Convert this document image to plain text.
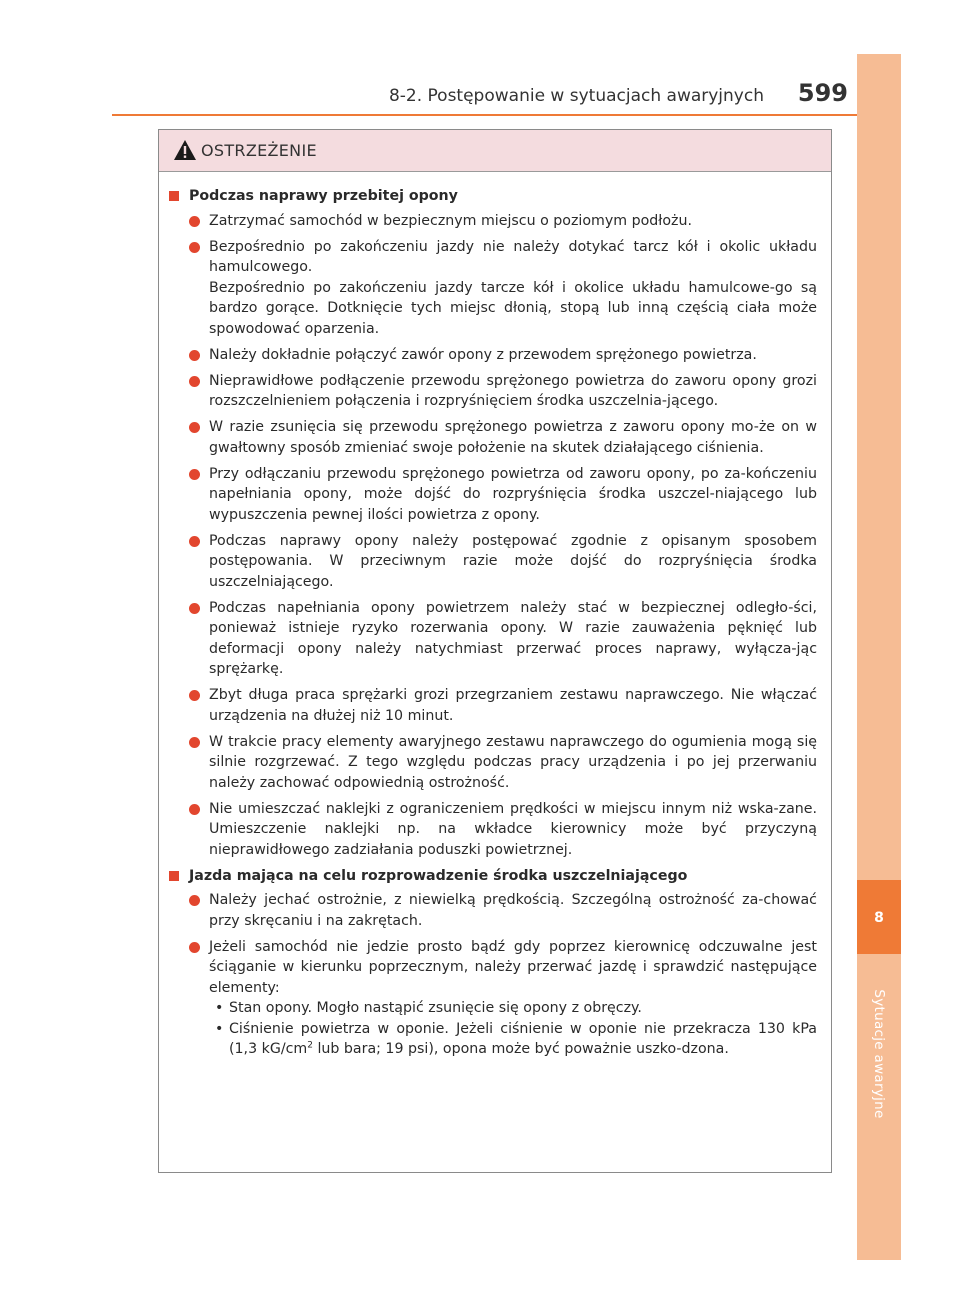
8
Sytuacje awaryjne
8-2. Postępowanie w sytuacjach awaryjnych 599
OSTRZEŻENIE
Podczas naprawy przebitej opony

Zatrzymać samochód w bezpiecznym miejscu o poziomym podłożu.

Bezpośrednio po zakończeniu jazdy nie należy dotykać tarcz kół i okolic układu hamulcowego.

Bezpośrednio po zakończeniu jazdy tarcze kół i okolice układu hamulcowe-go są bardzo gorące. Dotknięcie tych miejsc dłonią, stopą lub inną częścią ciała może spowodować oparzenia.

Należy dokładnie połączyć zawór opony z przewodem sprężonego powietrza.

Nieprawidłowe podłączenie przewodu sprężonego powietrza do zaworu opony grozi rozszczelnieniem połączenia i rozpryśnięciem środka uszczelnia-jącego.

W razie zsunięcia się przewodu sprężonego powietrza z zaworu opony mo-że on w gwałtowny sposób zmieniać swoje położenie na skutek działającego ciśnienia.

Przy odłączaniu przewodu sprężonego powietrza od zaworu opony, po za-kończeniu napełniania opony, może dojść do rozpryśnięcia środka uszczel-niającego lub wypuszczenia pewnej ilości powietrza z opony.

Podczas naprawy opony należy postępować zgodnie z opisanym sposobem postępowania. W przeciwnym razie może dojść do rozpryśnięcia środka uszczelniającego.

Podczas napełniania opony powietrzem należy stać w bezpiecznej odległo-ści, ponieważ istnieje ryzyko rozerwania opony. W razie zauważenia pęknięć lub deformacji opony należy natychmiast przerwać proces naprawy, wyłącza-jąc sprężarkę.

Zbyt długa praca sprężarki grozi przegrzaniem zestawu naprawczego. Nie włączać urządzenia na dłużej niż 10 minut.

W trakcie pracy elementy awaryjnego zestawu naprawczego do ogumienia mogą się silnie rozgrzewać. Z tego względu podczas pracy urządzenia i po jej przerwaniu należy zachować odpowiednią ostrożność.

Nie umieszczać naklejki z ograniczeniem prędkości w miejscu innym niż wska-zane. Umieszczenie naklejki np. na wkładce kierownicy może być przyczyną nieprawidłowego zadziałania poduszki powietrznej.

Jazda mająca na celu rozprowadzenie środka uszczelniającego

Należy jechać ostrożnie, z niewielką prędkością. Szczególną ostrożność za-chować przy skręcaniu i na zakrętach.

Jeżeli samochód nie jedzie prosto bądź gdy poprzez kierownicę odczuwalne jest ściąganie w kierunku poprzecznym, należy przerwać jazdę i sprawdzić następujące elementy:

• Stan opony. Mogło nastąpić zsunięcie się opony z obręczy.
• Ciśnienie powietrza w oponie. Jeżeli ciśnienie w oponie nie przekracza 130 kPa (1,3 $kG/cm^2$ lub bara; 19 psi), opona może być poważnie uszko-dzona.
